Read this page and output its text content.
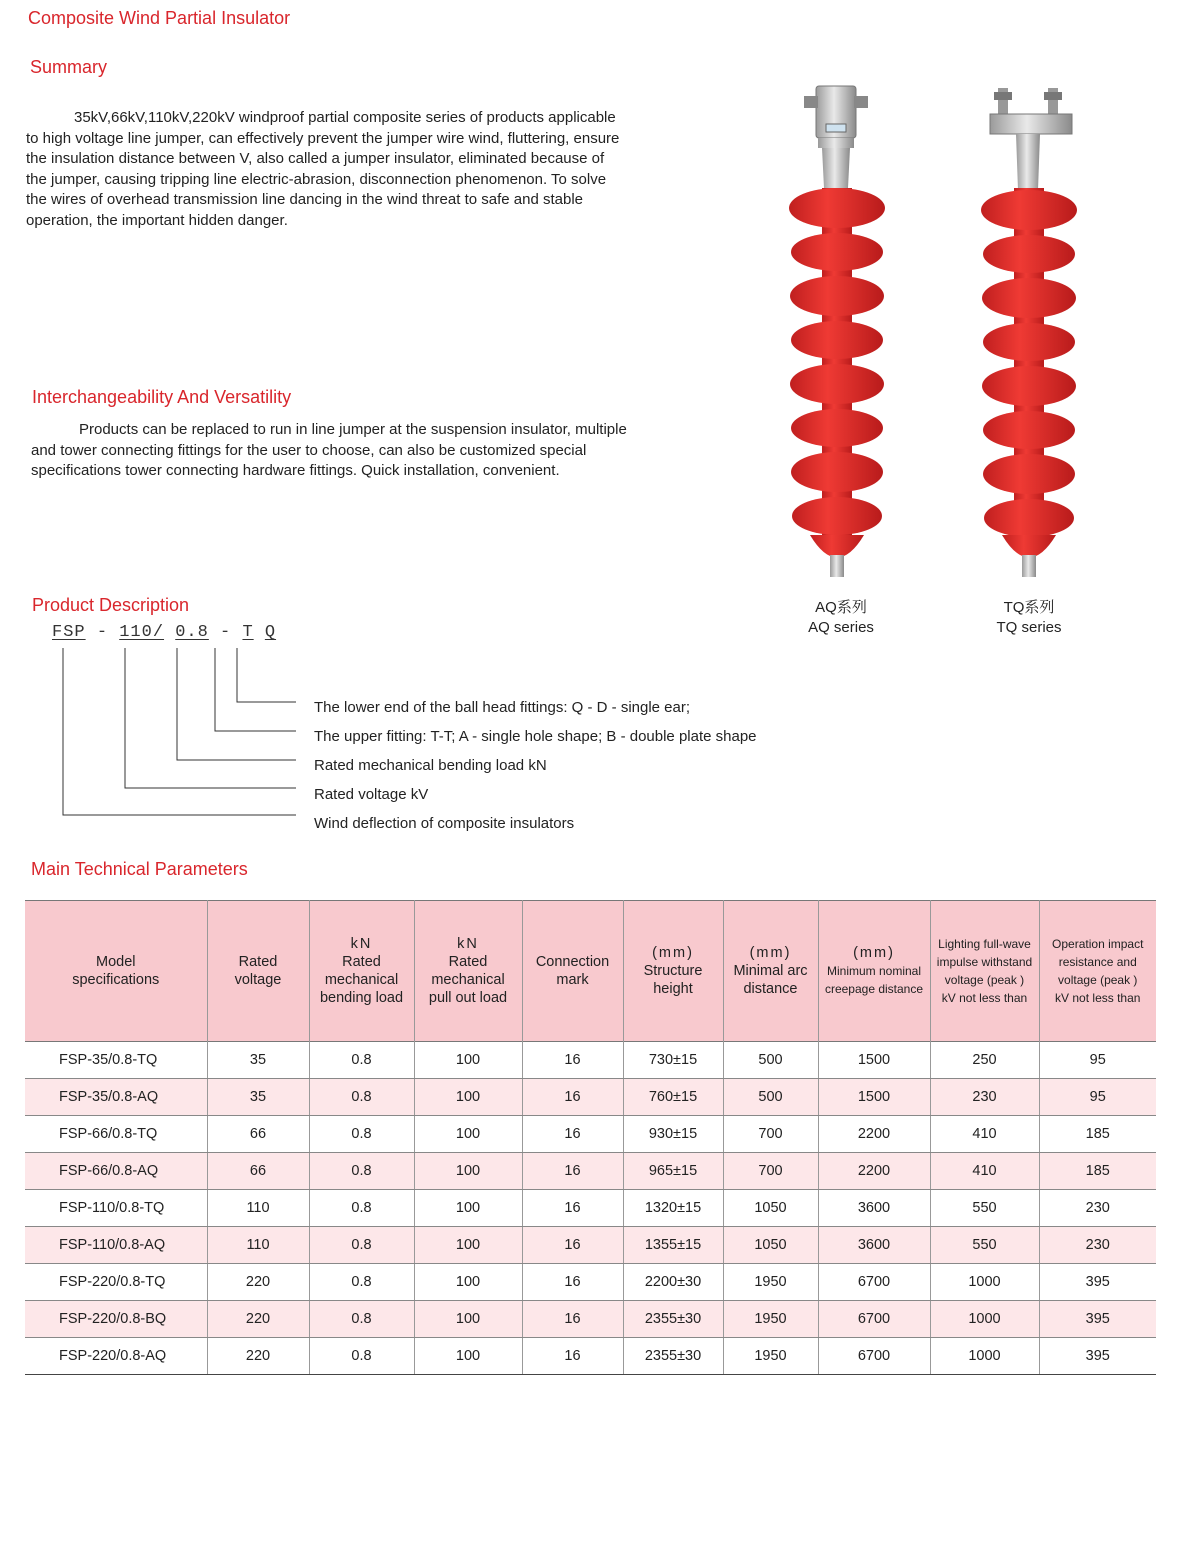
Composite Wind Partial Insulator
Summary
35kV,66kV,110kV,220kV windproof partial composite series of products applicable
to high voltage line jumper, can effectively prevent the jumper wire wind, fluttering, ensure
the insulation distance between V, also called a jumper insulator, eliminated because of
the jumper, causing tripping line electric-abrasion, disconnection phenomenon. To solve
the wires of overhead transmission line dancing in the wind threat to safe and stable
operation, the important hidden danger.
Interchangeability And Versatility
Products can be replaced to run in line jumper at the suspension insulator, multiple
and tower connecting fittings for the user to choose, can also be customized special
specifications tower connecting hardware fittings. Quick installation, convenient.
Product Description
FSP - 110/ 0.8 - T Q
The lower end of the ball head fittings: Q - D - single ear;
The upper fitting: T-T; A - single hole shape; B - double plate shape
Rated mechanical bending load kN
Rated voltage kV
Wind deflection of composite insulators
AQ系列
AQ series
TQ系列
TQ series
Main Technical Parameters
Model
specifications	Rated
voltage	kN
Rated
mechanical
bending load	kN
Rated
mechanical
pull out load	Connection
mark	(mm)
Structure
height	(mm)
Minimal arc
distance	(mm)
Minimum nominal
creepage distance	Lighting full-wave
impulse withstand
voltage (peak )
kV not less than	Operation impact
resistance and
voltage (peak )
kV not less than
FSP-35/0.8-TQ	35	0.8	100	16	730±15	500	1500	250	95
FSP-35/0.8-AQ	35	0.8	100	16	760±15	500	1500	230	95
FSP-66/0.8-TQ	66	0.8	100	16	930±15	700	2200	410	185
FSP-66/0.8-AQ	66	0.8	100	16	965±15	700	2200	410	185
FSP-110/0.8-TQ	110	0.8	100	16	1320±15	1050	3600	550	230
FSP-110/0.8-AQ	110	0.8	100	16	1355±15	1050	3600	550	230
FSP-220/0.8-TQ	220	0.8	100	16	2200±30	1950	6700	1000	395
FSP-220/0.8-BQ	220	0.8	100	16	2355±30	1950	6700	1000	395
FSP-220/0.8-AQ	220	0.8	100	16	2355±30	1950	6700	1000	395
